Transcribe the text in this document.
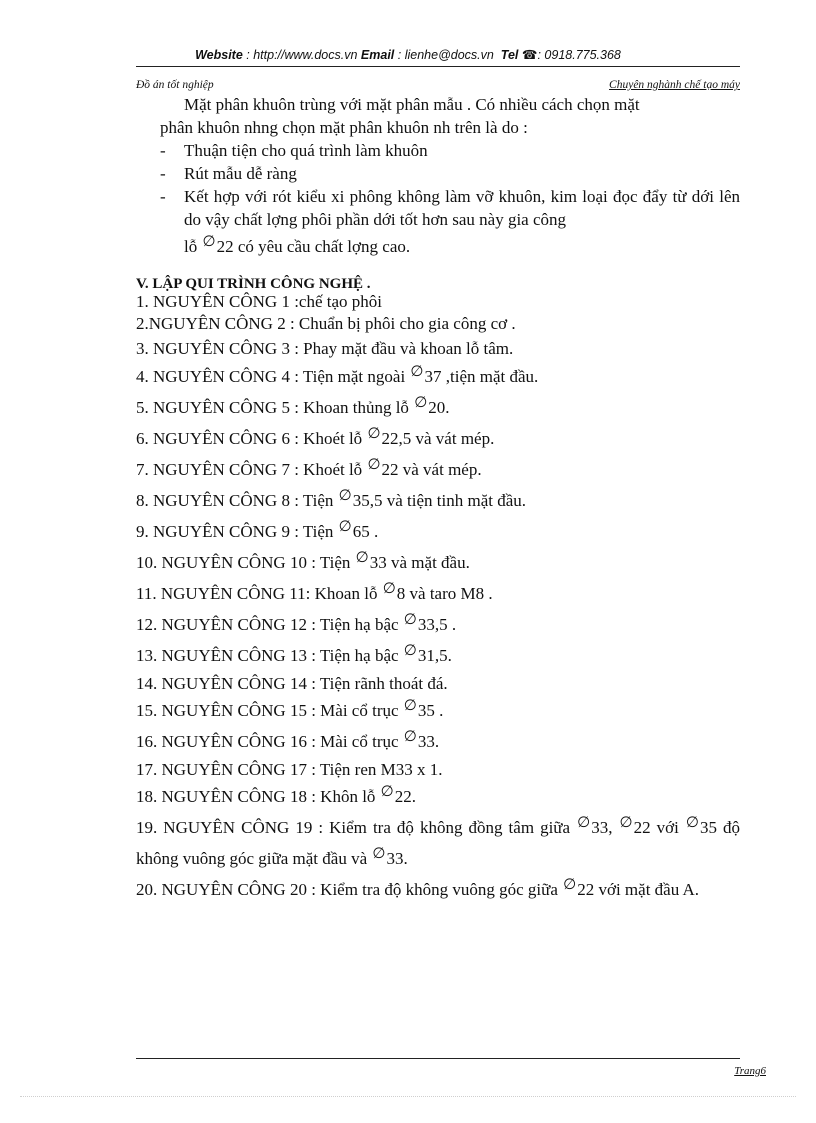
Website : http://www.docs.vn Email : lienhe@docs.vn Tel ☎: 0918.775.368
Đồ án tốt nghiệp	Chuyên nghành chế tạo máy

Mặt phân khuôn trùng với mặt phân mẫu . Có nhiều cách chọn mặt

phân khuôn nhng chọn mặt phân khuôn nh trên là do :

- Thuận tiện cho quá trình làm khuôn
- Rút mẫu dễ ràng
- Kết hợp với rót kiểu xi phông không làm vỡ khuôn, kim loại đọc đẩy từ dới lên do vậy chất lợng phôi phần dới tốt hơn sau này gia công
lỗ ∅22 có yêu cầu chất lợng cao.

V. LẬP QUI TRÌNH CÔNG NGHỆ .

1. NGUYÊN CÔNG 1 :chế tạo phôi
2.NGUYÊN CÔNG 2 : Chuẩn bị phôi cho gia công cơ .
3. NGUYÊN CÔNG 3 : Phay mặt đầu và khoan lỗ tâm.
4. NGUYÊN CÔNG 4 : Tiện mặt ngoài ∅37 ,tiện mặt đầu.
5. NGUYÊN CÔNG 5 : Khoan thủng lỗ ∅20.
6. NGUYÊN CÔNG 6 : Khoét lỗ ∅22,5 và vát mép.
7. NGUYÊN CÔNG 7 : Khoét lỗ ∅22 và vát mép.
8. NGUYÊN CÔNG 8 : Tiện ∅35,5 và tiện tinh mặt đầu.
9. NGUYÊN CÔNG 9 : Tiện ∅65 .
10. NGUYÊN CÔNG 10 : Tiện ∅33 và mặt đầu.
11. NGUYÊN CÔNG 11: Khoan lỗ ∅8 và taro M8 .
12. NGUYÊN CÔNG 12 : Tiện hạ bậc ∅33,5 .
13. NGUYÊN CÔNG 13 : Tiện hạ bậc ∅31,5.
14. NGUYÊN CÔNG 14 : Tiện rãnh thoát đá.
15. NGUYÊN CÔNG 15 : Mài cổ trục ∅35 .
16. NGUYÊN CÔNG 16 : Mài cổ trục ∅33.
17. NGUYÊN CÔNG 17 : Tiện ren M33 x 1.
18. NGUYÊN CÔNG 18 : Khôn lỗ ∅22.
19. NGUYÊN CÔNG 19 : Kiểm tra độ không đồng tâm giữa ∅33, ∅22 với ∅35 độ không vuông góc giữa mặt đầu và ∅33.
20. NGUYÊN CÔNG 20 : Kiểm tra độ không vuông góc giữa ∅22 với mặt đầu A.
Trang6
